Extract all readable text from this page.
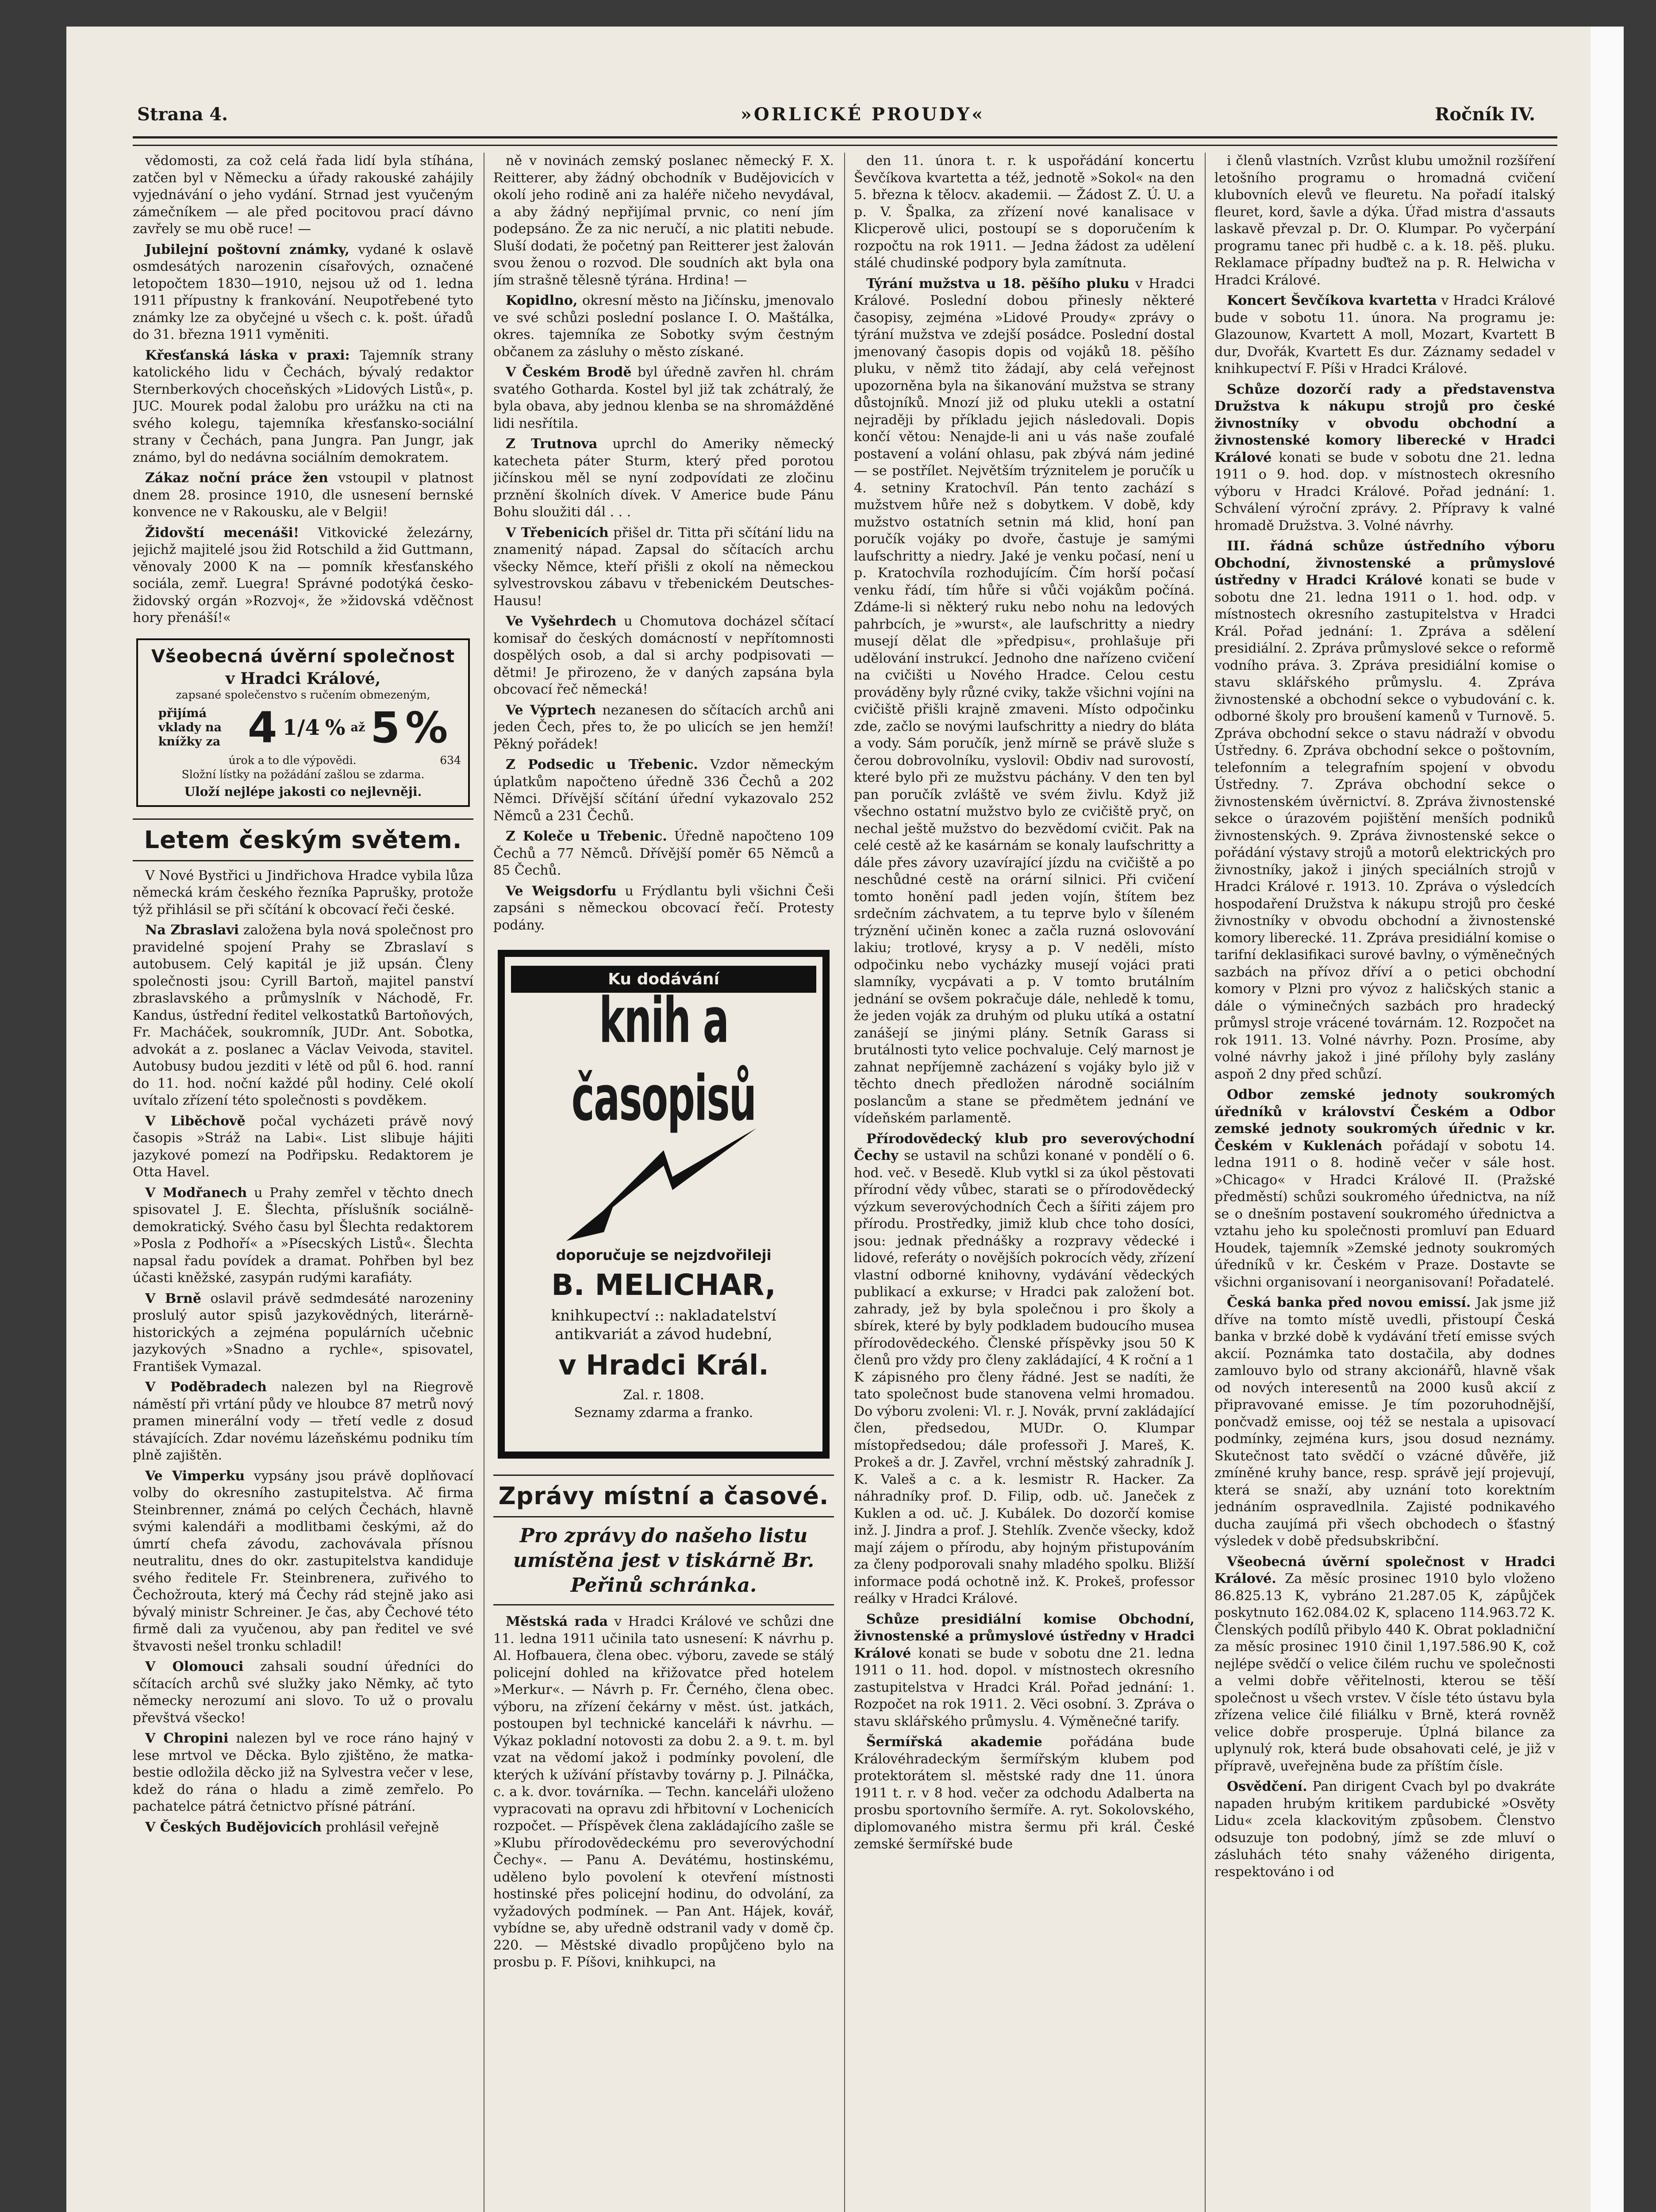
Strana 4.	»ORLICKÉ PROUDY«	Ročník IV.

vědomosti, za což celá řada lidí byla stíhána, zatčen byl v Německu a úřady rakouské zahájily vyjednávání o jeho vydání. Strnad jest vyučeným zámečníkem — ale před pocitovou prací dávno zavřely se mu obě ruce! —

Jubilejní poštovní známky, vydané k oslavě osmdesátých narozenin císařových, označené letopočtem 1830—1910, nejsou už od 1. ledna 1911 přípustny k frankování. Neupotřebené tyto známky lze za obyčejné u všech c. k. pošt. úřadů do 31. března 1911 vyměniti.

Křesťanská láska v praxi: Tajemník strany katolického lidu v Čechách, bývalý redaktor Sternberkových choceňských »Lidových Listů«, p. JUC. Mourek podal žalobu pro urážku na cti na svého kolegu, tajemníka křesťansko-sociální strany v Čechách, pana Jungra. Pan Jungr, jak známo, byl do nedávna sociálním demokratem.

Zákaz noční práce žen vstoupil v platnost dnem 28. prosince 1910, dle usnesení bernské konvence ne v Rakousku, ale v Belgii!

Židovští mecenáši! Vitkovické železárny, jejichž majitelé jsou žid Rotschild a žid Guttmann, věnovaly 2000 K na — pomník křesťanského sociála, zemř. Luegra! Správné podotýká česko-židovský orgán »Rozvoj«, že »židovská vděčnost hory přenáší!«

Všeobecná úvěrní společnost
v Hradci Králové,
zapsané společenstvo s ručením obmezeným,
přijímá vklady na knížky za 4 1/4 % až 5 %
úrok a to dle výpovědi.	634
Složní lístky na požádání zašlou se zdarma.
Uloží nejlépe jakosti co nejlevněji.
Letem českým světem.

V Nové Bystřici u Jindřichova Hradce vybila lůza německá krám českého řezníka Paprušky, protože týž přihlásil se při sčítání k obcovací řeči české.

Na Zbraslavi založena byla nová společnost pro pravidelné spojení Prahy se Zbraslaví s autobusem. Celý kapitál je již upsán. Členy společnosti jsou: Cyrill Bartoň, majitel panství zbraslavského a průmyslník v Náchodě, Fr. Kandus, ústřední ředitel velkostatků Bartoňových, Fr. Macháček, soukromník, JUDr. Ant. Sobotka, advokát a z. poslanec a Václav Veivoda, stavitel. Autobusy budou jezditi v létě od půl 6. hod. ranní do 11. hod. noční každé půl hodiny. Celé okolí uvítalo zřízení této společnosti s povděkem.

V Liběchově počal vycházeti právě nový časopis »Stráž na Labi«. List slibuje hájiti jazykové pomezí na Podřipsku. Redaktorem je Otta Havel.

V Modřanech u Prahy zemřel v těchto dnech spisovatel J. E. Šlechta, příslušník sociálně-demokratický. Svého času byl Šlechta redaktorem »Posla z Podhoří« a »Písecských Listů«. Šlechta napsal řadu povídek a dramat. Pohřben byl bez účasti kněžské, zasypán rudými karafiáty.

V Brně oslavil právě sedmdesáté narozeniny proslulý autor spisů jazykovědných, literárně-historických a zejména populárních učebnic jazykových »Snadno a rychle«, spisovatel, František Vymazal.

V Poděbradech nalezen byl na Riegrově náměstí při vrtání půdy ve hloubce 87 metrů nový pramen minerální vody — třetí vedle z dosud stávajících. Zdar novému lázeňskému podniku tím plně zajištěn.

Ve Vimperku vypsány jsou právě doplňovací volby do okresního zastupitelstva. Ač firma Steinbrenner, známá po celých Čechách, hlavně svými kalendáři a modlitbami českými, až do úmrtí chefa závodu, zachovávala přísnou neutralitu, dnes do okr. zastupitelstva kandiduje svého ředitele Fr. Steinbrenera, zuřivého to Čechožrouta, který má Čechy rád stejně jako asi bývalý ministr Schreiner. Je čas, aby Čechové této firmě dali za vyučenou, aby pan ředitel ve své štvavosti nešel tronku schladil!

V Olomouci zahsali soudní úředníci do sčítacích archů své služky jako Němky, ač tyto německy nerozumí ani slovo. To už o provalu převštvá všecko!

V Chropini nalezen byl ve roce ráno hajný v lese mrtvol ve Děcka. Bylo zjištěno, že matka-bestie odložila děcko již na Sylvestra večer v lese, kdež do rána o hladu a zimě zemřelo. Po pachatelce pátrá četnictvo přísné pátrání.

V Českých Budějovicích prohlásil veřejně

ně v novinách zemský poslanec německý F. X. Reitterer, aby žádný obchodník v Budějovicích v okolí jeho rodině ani za haléře ničeho nevydával, a aby žádný nepřijímal prvnic, co není jím podepsáno. Že za nic neručí, a nic platiti nebude. Sluší dodati, že početný pan Reitterer jest žalován svou ženou o rozvod. Dle soudních akt byla ona jím strašně tělesně týrána. Hrdina! —

Kopidlno, okresní město na Jičínsku, jmenovalo ve své schůzi poslední poslance I. O. Maštálka, okres. tajemníka ze Sobotky svým čestným občanem za zásluhy o město získané.

V Českém Brodě byl úředně zavřen hl. chrám svatého Gotharda. Kostel byl již tak zchátralý, že byla obava, aby jednou klenba se na shromážděné lidi nesřítila.

Z Trutnova uprchl do Ameriky německý katecheta páter Sturm, který před porotou jičínskou měl se nyní zodpovídati ze zločinu prznění školních dívek. V Americe bude Pánu Bohu sloužiti dál . . .

V Třebenicích přišel dr. Titta při sčítání lidu na znamenitý nápad. Zapsal do sčítacích archu všecky Němce, kteří přišli z okolí na německou sylvestrovskou zábavu v třebenickém Deutsches-Hausu!

Ve Vyšehrdech u Chomutova docházel sčítací komisař do českých domácností v nepřítomnosti dospělých osob, a dal si archy podpisovati — dětmi! Je přirozeno, že v daných zapsána byla obcovací řeč německá!

Ve Výprtech nezanesen do sčítacích archů ani jeden Čech, přes to, že po ulicích se jen hemží! Pěkný pořádek!

Z Podsedic u Třebenic. Vzdor německým úplatkům napočteno úředně 336 Čechů a 202 Němci. Dřívější sčítání úřední vykazovalo 252 Němců a 231 Čechů.

Z Koleče u Třebenic. Úředně napočteno 109 Čechů a 77 Němců. Dřívější poměr 65 Němců a 85 Čechů.

Ve Weigsdorfu u Frýdlantu byli všichni Češi zapsáni s německou obcovací řečí. Protesty podány.

Ku dodávání
knih a časopisů
doporučuje se nejzdvořileji
B. MELICHAR,
knihkupectví :: nakladatelství
antikvariát a závod hudební,
v Hradci Král.
Zal. r. 1808.
Seznamy zdarma a franko.
Zprávy místní a časové.
Pro zprávy do našeho listu umístěna jest v tiskárně Br. Peřinů schránka.

Městská rada v Hradci Králové ve schůzi dne 11. ledna 1911 učinila tato usnesení: K návrhu p. Al. Hofbauera, člena obec. výboru, zavede se stálý policejní dohled na křižovatce před hotelem »Merkur«. — Návrh p. Fr. Černého, člena obec. výboru, na zřízení čekárny v měst. úst. jatkách, postoupen byl technické kanceláři k návrhu. — Výkaz pokladní notovosti za dobu 2. a 9. t. m. byl vzat na vědomí jakož i podmínky povolení, dle kterých k užívání přístavby továrny p. J. Pilnáčka, c. a k. dvor. továrníka. — Techn. kanceláři uloženo vypracovati na opravu zdi hřbitovní v Lochenicích rozpočet. — Příspěvek člena zakládajícího zašle se »Klubu přírodovědeckému pro severovýchodní Čechy«. — Panu A. Devátému, hostinskému, uděleno bylo povolení k otevření místnosti hostinské přes policejní hodinu, do odvolání, za vyžadových podmínek. — Pan Ant. Hájek, kovář, vybídne se, aby uředně odstranil vady v domě čp. 220. — Městské divadlo propůjčeno bylo na prosbu p. F. Píšovi, knihkupci, na

den 11. února t. r. k uspořádání koncertu Ševčíkova kvartetta a též, jednotě »Sokol« na den 5. března k tělocv. akademii. — Žádost Z. Ú. U. a p. V. Špalka, za zřízení nové kanalisace v Klicperově ulici, postoupí se s doporučením k rozpočtu na rok 1911. — Jedna žádost za udělení stálé chudinské podpory byla zamítnuta.

Týrání mužstva u 18. pěšího pluku v Hradci Králové. Poslední dobou přinesly některé časopisy, zejména »Lidové Proudy« zprávy o týrání mužstva ve zdejší posádce. Poslední dostal jmenovaný časopis dopis od vojáků 18. pěšího pluku, v němž tito žádají, aby celá veřejnost upozorněna byla na šikanování mužstva se strany důstojníků. Mnozí již od pluku utekli a ostatní nejraději by příkladu jejich následovali. Dopis končí větou: Nenajde-li ani u vás naše zoufalé postavení a volání ohlasu, pak zbývá nám jediné — se postřílet. Největším trýznitelem je poručík u 4. setniny Kratochvíl. Pán tento zachází s mužstvem hůře než s dobytkem. V době, kdy mužstvo ostatních setnin má klid, honí pan poručík vojáky po dvoře, častuje je samými laufschritty a niedry. Jaké je venku počasí, není u p. Kratochvíla rozhodujícím. Čím horší počasí venku řádí, tím hůře si vůči vojákům počíná. Zdáme-li si některý ruku nebo nohu na ledových pahrbcích, je »wurst«, ale laufschritty a niedry musejí dělat dle »předpisu«, prohlašuje při udělování instrukcí. Jednoho dne nařízeno cvičení na cvičišti u Nového Hradce. Celou cestu prováděny byly různé cviky, takže všichni vojíni na cvičiště přišli krajně zmaveni. Místo odpočinku zde, začlo se novými laufschritty a niedry do bláta a vody. Sám poručík, jenž mírně se právě služe s čerou dobrovolníku, vyslovil: Obdiv nad surovostí, které bylo při ze mužstvu páchány. V den ten byl pan poručík zvláště ve svém živlu. Když již všechno ostatní mužstvo bylo ze cvičiště pryč, on nechal ještě mužstvo do bezvědomí cvičit. Pak na celé cestě až ke kasárnám se konaly laufschritty a dále přes závory uzavírající jízdu na cvičiště a po neschůdné cestě na orární silnici. Při cvičení tomto honění padl jeden vojín, štítem bez srdečním záchvatem, a tu teprve bylo v šíleném trýznění učiněn konec a začla ruzná oslovování lakiu; trotlové, krysy a p. V neděli, místo odpočinku nebo vycházky musejí vojáci prati slamníky, vycpávati a p. V tomto brutálním jednání se ovšem pokračuje dále, nehledě k tomu, že jeden voják za druhým od pluku utíká a ostatní zanášejí se jinými plány. Setník Garass si brutálnosti tyto velice pochvaluje. Celý marnost je zahnat nepříjemně zacházení s vojáky bylo již v těchto dnech předložen národně sociálním poslancům a stane se předmětem jednání ve vídeňském parlamentě.

Přírodovědecký klub pro severovýchodní Čechy se ustavil na schůzi konané v pondělí o 6. hod. več. v Besedě. Klub vytkl si za úkol pěstovati přírodní vědy vůbec, starati se o přírodovědecký výzkum severovýchodních Čech a šířiti zájem pro přírodu. Prostředky, jimiž klub chce toho dosíci, jsou: jednak přednášky a rozpravy vědecké i lidové, referáty o novějších pokrocích vědy, zřízení vlastní odborné knihovny, vydávání vědeckých publikací a exkurse; v Hradci pak založení bot. zahrady, jež by byla společnou i pro školy a sbírek, které by byly podkladem budoucího musea přírodovědeckého. Členské příspěvky jsou 50 K členů pro vždy pro členy zakládající, 4 K roční a 1 K zápisného pro členy řádné. Jest se nadíti, že tato společnost bude stanovena velmi hromadou. Do výboru zvoleni: Vl. r. J. Novák, první zakládající člen, předsedou, MUDr. O. Klumpar místopředsedou; dále professoři J. Mareš, K. Prokeš a dr. J. Zavřel, vrchní městský zahradník J. K. Valeš a c. a k. lesmistr R. Hacker. Za náhradníky prof. D. Filip, odb. uč. Janeček z Kuklen a od. uč. J. Kubálek. Do dozorčí komise inž. J. Jindra a prof. J. Stehlík. Zvenče všecky, kdož mají zájem o přírodu, aby hojným přistupováním za členy podporovali snahy mladého spolku. Bližší informace podá ochotně inž. K. Prokeš, professor reálky v Hradci Králové.

Schůze presidiální komise Obchodní, živnostenské a průmyslové ústředny v Hradci Králové konati se bude v sobotu dne 21. ledna 1911 o 11. hod. dopol. v místnostech okresního zastupitelstva v Hradci Král. Pořad jednání: 1. Rozpočet na rok 1911. 2. Věci osobní. 3. Zpráva o stavu sklářského průmyslu. 4. Výměnečné tarify.

Šermířská akademie pořádána bude Královéhradeckým šermířským klubem pod protektorátem sl. městské rady dne 11. února 1911 t. r. v 8 hod. večer za odchodu Adalberta na prosbu sportovního šermíře. A. ryt. Sokolovského, diplomovaného mistra šermu při král. České zemské šermířské bude

i členů vlastních. Vzrůst klubu umožnil rozšíření letošního programu o hromadná cvičení klubovních elevů ve fleuretu. Na pořadí italský fleuret, kord, šavle a dýka. Úřad mistra d'assauts laskavě převzal p. Dr. O. Klumpar. Po vyčerpání programu tanec při hudbě c. a k. 18. pěš. pluku. Reklamace případny buďtež na p. R. Helwicha v Hradci Králové.

Koncert Ševčíkova kvartetta v Hradci Králové bude v sobotu 11. února. Na programu je: Glazounow, Kvartett A moll, Mozart, Kvartett B dur, Dvořák, Kvartett Es dur. Záznamy sedadel v knihkupectví F. Píši v Hradci Králové.

Schůze dozorčí rady a představenstva Družstva k nákupu strojů pro české živnostníky v obvodu obchodní a živnostenské komory liberecké v Hradci Králové konati se bude v sobotu dne 21. ledna 1911 o 9. hod. dop. v místnostech okresního výboru v Hradci Králové. Pořad jednání: 1. Schválení výroční zprávy. 2. Přípravy k valné hromadě Družstva. 3. Volné návrhy.

III. řádná schůze ústředního výboru Obchodní, živnostenské a průmyslové ústředny v Hradci Králové konati se bude v sobotu dne 21. ledna 1911 o 1. hod. odp. v místnostech okresního zastupitelstva v Hradci Král. Pořad jednání: 1. Zpráva a sdělení presidiální. 2. Zpráva průmyslové sekce o reformě vodního práva. 3. Zpráva presidiální komise o stavu sklářského průmyslu. 4. Zpráva živnostenské a obchodní sekce o vybudování c. k. odborné školy pro broušení kamenů v Turnově. 5. Zpráva obchodní sekce o stavu nádraží v obvodu Ústředny. 6. Zpráva obchodní sekce o poštovním, telefonním a telegrafním spojení v obvodu Ústředny. 7. Zpráva obchodní sekce o živnostenském úvěrnictví. 8. Zpráva živnostenské sekce o úrazovém pojištění menších podniků živnostenských. 9. Zpráva živnostenské sekce o pořádání výstavy strojů a motorů elektrických pro živnostníky, jakož i jiných speciálních strojů v Hradci Králové r. 1913. 10. Zpráva o výsledcích hospodaření Družstva k nákupu strojů pro české živnostníky v obvodu obchodní a živnostenské komory liberecké. 11. Zpráva presidiální komise o tarifní deklasifikaci surové bavlny, o výměnečných sazbách na přívoz dříví a o petici obchodní komory v Plzni pro vývoz z haličských stanic a dále o výminečných sazbách pro hradecký průmysl stroje vrácené továrnám. 12. Rozpočet na rok 1911. 13. Volné návrhy. Pozn. Prosíme, aby volné návrhy jakož i jiné přílohy byly zaslány aspoň 2 dny před schůzí.

Odbor zemské jednoty soukromých úředníků v království Českém a Odbor zemské jednoty soukromých úřednic v kr. Českém v Kuklenách pořádají v sobotu 14. ledna 1911 o 8. hodině večer v sále host. »Chicago« v Hradci Králové II. (Pražské předměstí) schůzi soukromého úřednictva, na níž se o dnešním postavení soukromého úřednictva a vztahu jeho ku společnosti promluví pan Eduard Houdek, tajemník »Zemské jednoty soukromých úředníků v kr. Českém v Praze. Dostavte se všichni organisovaní i neorganisovaní! Pořadatelé.

Česká banka před novou emissí. Jak jsme již dříve na tomto místě uvedli, přistoupí Česká banka v brzké době k vydávání třetí emisse svých akcií. Poznámka tato dostačila, aby dodnes zamlouvo bylo od strany akcionářů, hlavně však od nových interesentů na 2000 kusů akcií z připravované emisse. Je tím pozoruhodnější, pončvadž emisse, ooj též se nestala a upisovací podmínky, zejména kurs, jsou dosud neznámy. Skutečnost tato svědčí o vzácné důvěře, již zmíněné kruhy bance, resp. správě její projevují, která se snaží, aby uznání toto korektním jednáním ospravedlnila. Zajisté podnikavého ducha zaujímá při všech obchodech o šťastný výsledek v době předsubskribční.

Všeobecná úvěrní společnost v Hradci Králové. Za měsíc prosinec 1910 bylo vloženo 86.825.13 K, vybráno 21.287.05 K, zápůjček poskytnuto 162.084.02 K, splaceno 114.963.72 K. Členských podílů přibylo 440 K. Obrat pokladniční za měsíc prosinec 1910 činil 1,197.586.90 K, což nejlépe svědčí o velice čilém ruchu ve společnosti a velmi dobře věřitelnosti, kterou se těší společnost u všech vrstev. V čísle této ústavu byla zřízena velice čilé filiálku v Brně, která rovněž velice dobře prosperuje. Úplná bilance za uplynulý rok, která bude obsahovati celé, je již v přípravě, uveřejněna bude za příštím čísle.

Osvědčení. Pan dirigent Cvach byl po dvakráte napaden hrubým kritikem pardubické »Osvěty Lidu« zcela klackovitým způsobem. Členstvo odsuzuje ton podobný, jímž se zde mluví o zásluhách této snahy váženého dirigenta, respektováno i od
